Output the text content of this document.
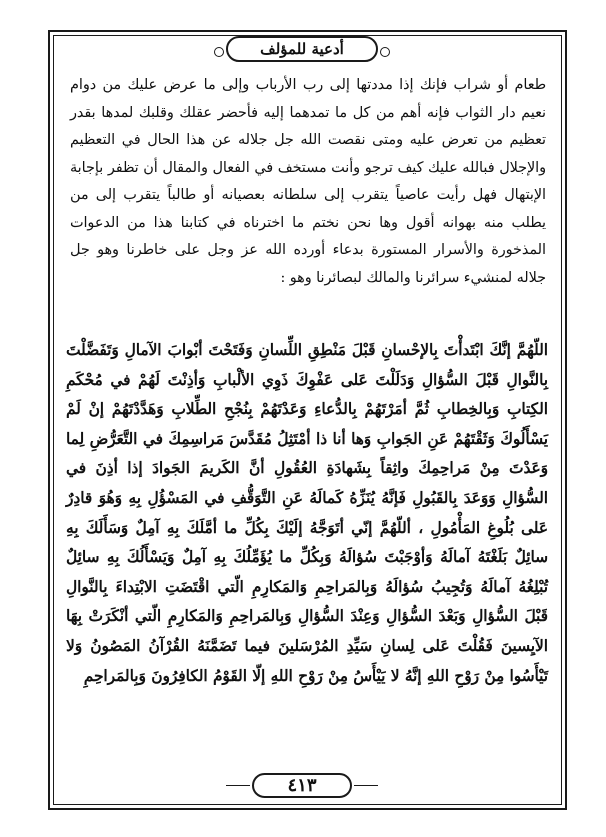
أدعية للمؤلف

طعام أو شراب فإنك إذا مددتها إلى رب الأرباب وإلى ما عرض عليك من دوام نعيم دار الثواب فإنه أهم من كل ما تمدهما إليه فأحضر عقلك وقلبك لمدها بقدر تعظيم من تعرض عليه ومتى نقصت الله جل جلاله عن هذا الحال في التعظيم والإجلال فبالله عليك كيف ترجو وأنت مستخف في الفعال والمقال أن تظفر بإجابة الإبتهال فهل رأيت عاصياً يتقرب إلى سلطانه بعصيانه أو طالباً يتقرب إلى من يطلب منه بهوانه أقول وها نحن نختم ما اخترناه في كتابنا هذا من الدعوات المذخورة والأسرار المستورة بدعاء أورده الله عز وجل على خاطرنا وهو جل جلاله لمنشيء سرائرنا والمالك لبصائرنا وهو :

اللّهُمَّ إنَّكَ ابْتَدأْتَ بِالإحْسانِ قَبْلَ مَنْطِقِ اللِّسانِ وَفَتَحْتَ أبْوابَ الآمالِ وَتَفَضَّلْتَ بِالنَّوالِ قَبْلَ السُّؤالِ وَدَلَلْتَ عَلى عَفْوِكَ ذَوِي الألْبابِ وَأذِنْتَ لَهُمْ في مُحْكَمِ الكِتابِ وَبِالخِطابِ ثُمَّ أمَرْتَهُمْ بِالدُّعاءِ وَعَدْتَهُمْ بِنُجْحِ الطِّلابِ وَهَدَّدْتَهُمْ إنْ لَمْ يَسْأَلُوكَ وَثَقْتَهُمْ عَنِ الجَوابِ وَها أنا ذا أمْتَثِلُ مُقَدَّسَ مَراسِمِكَ في التَّعَرُّضِ لِما وَعَدْتَ مِنْ مَراحِمِكَ واثِقاً بِشَهادَةِ العُقُولِ أنَّ الكَريمَ الجَوادَ إذا أذِنَ في السُّؤالِ وَوَعَدَ بِالقَبُولِ فَإنَّهُ يُنَزِّهُ كَمالَهُ عَنِ التَّوَقُّفِ في المَسْؤُلِ بِهِ وَهُوَ قادِرٌ عَلى بُلُوغِ المَأْمُولِ ، أللّهُمَّ إنّي أتَوَجَّهُ إلَيْكَ بِكُلِّ ما أمَّلَكَ بِهِ آمِلٌ وَسَأَلَكَ بِهِ سائِلٌ بَلَغْتَهُ آمالَهُ وَأوْجَبْتَ سُؤالَهُ وَبِكُلِّ ما يُؤَمِّلُكَ بِهِ آمِلٌ وَيَسْأَلُكَ بِهِ سائِلٌ تُبْلِغُهُ آمالَهُ وَتُجِيبُ سُؤالَهُ وَبِالمَراحِمِ وَالمَكارِمِ الّتي اقْتَضَتِ الابْتِداءَ بِالنَّوالِ قَبْلَ السُّؤالِ وَبَعْدَ السُّؤالِ وَعِنْدَ السُّؤالِ وَبِالمَراحِمِ وَالمَكارِمِ الّتي أنْكَرَتْ بِهَا الآيِسينَ فَقُلْتَ عَلى لِسانِ سَيِّدِ المُرْسَلينَ فيما تَضَمَّنَهُ القُرْآنُ المَصُونُ وَلا تَيْأَسُوا مِنْ رَوْحِ اللهِ إنَّهُ لا يَيْأَسُ مِنْ رَوْحِ اللهِ إلّا القَوْمُ الكافِرُونَ وَبِالمَراحِمِ

٤١٣
